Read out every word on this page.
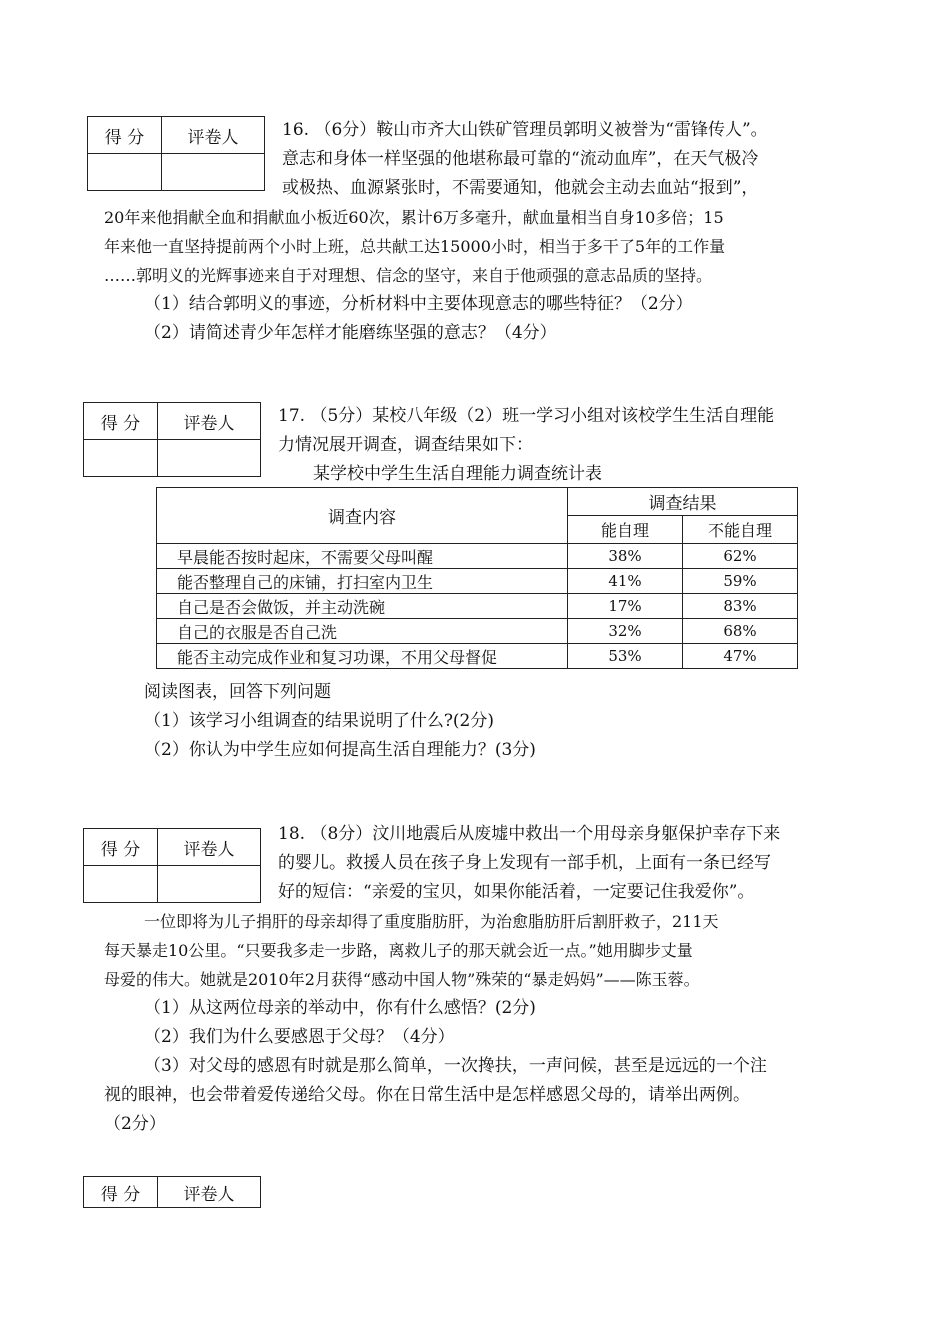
得 分	评卷人
		16. （6分）鞍山市齐大山铁矿管理员郭明义被誉为“雷锋传人”。
意志和身体一样坚强的他堪称最可靠的“流动血库”，在天气极冷
或极热、血源紧张时，不需要通知，他就会主动去血站“报到”，
20年来他捐献全血和捐献血小板近60次，累计6万多毫升，献血量相当自身10多倍；15
年来他一直坚持提前两个小时上班，总共献工达15000小时，相当于多干了5年的工作量
……郭明义的光辉事迹来自于对理想、信念的坚守，来自于他顽强的意志品质的坚持。
（1）结合郭明义的事迹，分析材料中主要体现意志的哪些特征？（2分）
（2）请简述青少年怎样才能磨练坚强的意志？（4分）
得 分	评卷人
		17. （5分）某校八年级（2）班一学习小组对该校学生生活自理能
力情况展开调查，调查结果如下：
某学校中学生生活自理能力调查统计表
调查内容	调查结果	
	能自理	不能自理
早晨能否按时起床，不需要父母叫醒	38%	62%
能否整理自己的床铺，打扫室内卫生	41%	59%
自己是否会做饭，并主动洗碗	17%	83%
自己的衣服是否自己洗	32%	68%
能否主动完成作业和复习功课，不用父母督促	53%	47%
阅读图表，回答下列问题
（1）该学习小组调查的结果说明了什么?(2分)
（2）你认为中学生应如何提高生活自理能力？(3分)
得 分	评卷人

18. （8分）汶川地震后从废墟中救出一个用母亲身躯保护幸存下来
的婴儿。救援人员在孩子身上发现有一部手机，上面有一条已经写
好的短信：“亲爱的宝贝，如果你能活着，一定要记住我爱你”。
一位即将为儿子捐肝的母亲却得了重度脂肪肝，为治愈脂肪肝后割肝救子，211天
每天暴走10公里。“只要我多走一步路，离救儿子的那天就会近一点。”她用脚步丈量
母爱的伟大。她就是2010年2月获得“感动中国人物”殊荣的“暴走妈妈”——陈玉蓉。
（1）从这两位母亲的举动中，你有什么感悟？(2分)
（2）我们为什么要感恩于父母？（4分）
（3）对父母的感恩有时就是那么简单，一次搀扶，一声问候，甚至是远远的一个注
视的眼神，也会带着爱传递给父母。你在日常生活中是怎样感恩父母的，请举出两例。
（2分）
得 分	评卷人
